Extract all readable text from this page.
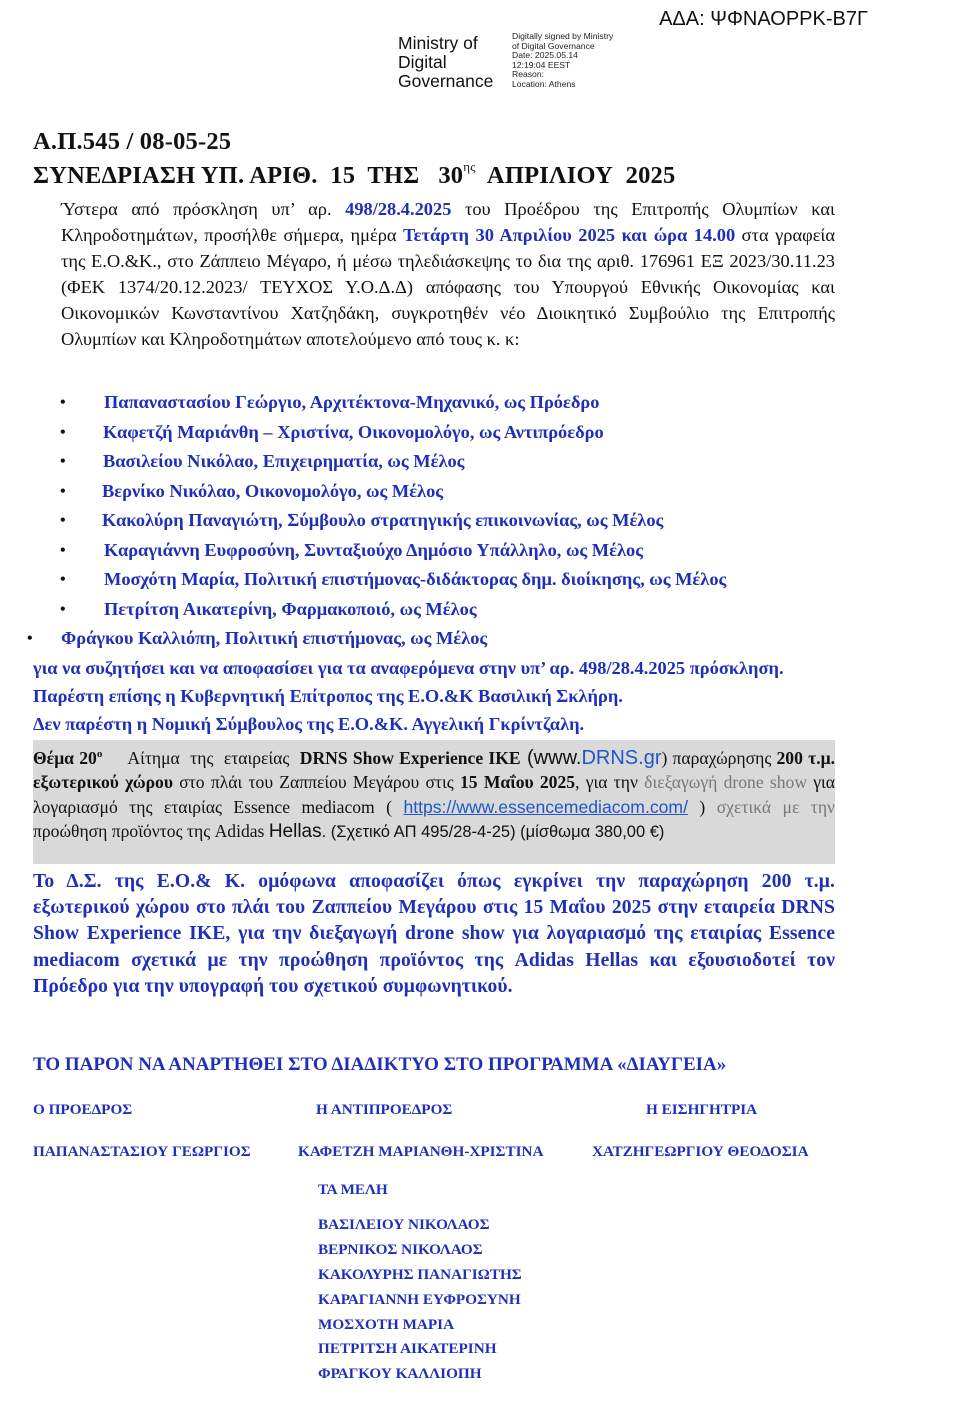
ΑΔΑ: ΨΦΝΑΟΡΡΚ-Β7Γ
Ministry of
Digital
Governance
Digitally signed by Ministry
of Digital Governance
Date: 2025.05.14
12:19:04 EEST
Reason:
Location: Athens
Α.Π.545 / 08-05-25
ΣΥΝΕΔΡΙΑΣΗ ΥΠ. ΑΡΙΘ.  15  ΤΗΣ   $30^{\eta\varsigma}$  ΑΠΡΙΛΙΟΥ  2025

Ύστερα από πρόσκληση υπ’ αρ. 498/28.4.2025 του Προέδρου της Επιτροπής Ολυμπίων και Κληροδοτημάτων, προσήλθε σήμερα, ημέρα Τετάρτη 30 Απριλίου 2025 και ώρα 14.00 στα γραφεία της Ε.Ο.&Κ., στο Ζάππειο Μέγαρο, ή μέσω τηλεδιάσκεψης το δια της αριθ. 176961 ΕΞ 2023/30.11.23 (ΦΕΚ 1374/20.12.2023/ ΤΕΥΧΟΣ Υ.Ο.Δ.Δ) απόφασης του Υπουργού Εθνικής Οικονομίας και Οικονομικών Κωνσταντίνου Χατζηδάκη, συγκροτηθέν νέο Διοικητικό Συμβούλιο της Επιτροπής Ολυμπίων και Κληροδοτημάτων αποτελούμενο από τους κ. κ:

• Παπαναστασίου Γεώργιο, Αρχιτέκτονα-Μηχανικό, ως Πρόεδρο
• Καφετζή Μαριάνθη – Χριστίνα, Οικονομολόγο, ως Αντιπρόεδρο
• Βασιλείου Νικόλαο, Επιχειρηματία, ως Μέλος
• Βερνίκο Νικόλαο, Οικονομολόγο, ως Μέλος
• Κακολύρη Παναγιώτη, Σύμβουλο στρατηγικής επικοινωνίας, ως Μέλος
• Καραγιάννη Ευφροσύνη, Συνταξιούχο Δημόσιο Υπάλληλο, ως Μέλος
• Μοσχότη Μαρία, Πολιτική επιστήμονας-διδάκτορας δημ. διοίκησης, ως Μέλος
• Πετρίτση Αικατερίνη, Φαρμακοποιό, ως Μέλος
• Φράγκου Καλλιόπη, Πολιτική επιστήμονας, ως Μέλος
για να συζητήσει και να αποφασίσει για τα αναφερόμενα στην υπ’ αρ. 498/28.4.2025 πρόσκληση.
Παρέστη επίσης η Κυβερνητική Επίτροπος της Ε.Ο.&Κ Βασιλική Σκλήρη.
Δεν παρέστη η Νομική Σύμβουλος της Ε.Ο.&Κ. Αγγελική Γκρίντζαλη.

Θέμα $20^o$     Αίτημα  της  εταιρείας  DRNS Show Experience IKE (www.DRNS.gr) παραχώρησης 200 τ.μ. εξωτερικού χώρου στο πλάι του Ζαππείου Μεγάρου στις 15 Μαΐου 2025, για την διεξαγωγή drone show για λογαριασμό της εταιρίας Essence mediacom ( https://www.essencemediacom.com/ ) σχετικά με την προώθηση προϊόντος της Adidas Hellas. (Σχετικό ΑΠ 495/28-4-25) (μίσθωμα 380,00 €)

Το Δ.Σ. της Ε.Ο.& Κ. ομόφωνα αποφασίζει όπως εγκρίνει την παραχώρηση 200 τ.μ. εξωτερικού χώρου στο πλάι του Ζαππείου Μεγάρου στις 15 Μαΐου 2025 στην εταιρεία DRNS Show Experience IKE, για την διεξαγωγή drone show για λογαριασμό της εταιρίας Essence mediacom σχετικά με την προώθηση προϊόντος της Adidas Hellas και εξουσιοδοτεί τον Πρόεδρο για την υπογραφή του σχετικού συμφωνητικού.

ΤΟ ΠΑΡΟΝ ΝΑ ΑΝΑΡΤΗΘΕΙ ΣΤΟ ΔΙΑΔΙΚΤΥΟ ΣΤΟ ΠΡΟΓΡΑΜΜΑ «ΔΙΑΥΓΕΙΑ»
Ο ΠΡΟΕΔΡΟΣ	Η ΑΝΤΙΠΡΟΕΔΡΟΣ	Η ΕΙΣΗΓΗΤΡΙΑ
ΠΑΠΑΝΑΣΤΑΣΙΟΥ ΓΕΩΡΓΙΟΣ	ΚΑΦΕΤΖΗ ΜΑΡΙΑΝΘΗ-ΧΡΙΣΤΙΝΑ	ΧΑΤΖΗΓΕΩΡΓΙΟΥ ΘΕΟΔΟΣΙΑ
ΤΑ ΜΕΛΗ
ΒΑΣΙΛΕΙΟΥ ΝΙΚΟΛΑΟΣ
ΒΕΡΝΙΚΟΣ ΝΙΚΟΛΑΟΣ
ΚΑΚΟΛΥΡΗΣ ΠΑΝΑΓΙΩΤΗΣ
ΚΑΡΑΓΙΑΝΝΗ ΕΥΦΡΟΣΥΝΗ
ΜΟΣΧΟΤΗ ΜΑΡΙΑ
ΠΕΤΡΙΤΣΗ ΑΙΚΑΤΕΡΙΝΗ
ΦΡΑΓΚΟΥ ΚΑΛΛΙΟΠΗ
